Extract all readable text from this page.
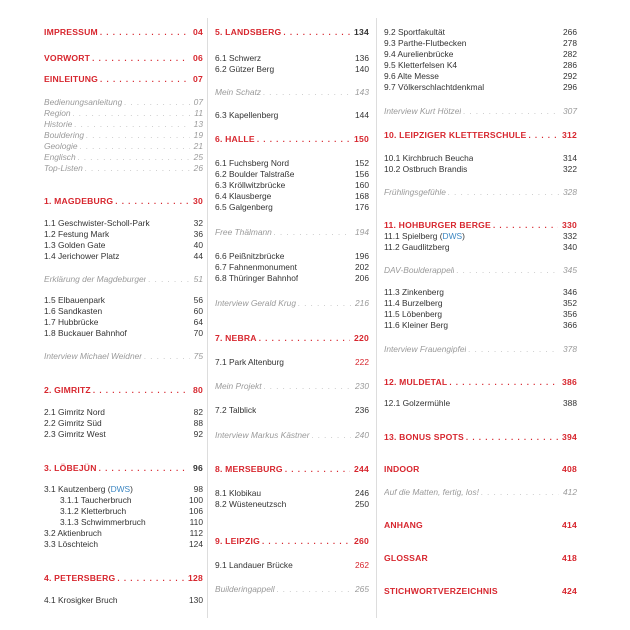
IMPRESSUM . . .	04
VORWORT . . .	06
EINLEITUNG . . .	07
Bedienungsanleitung . . .	07
Region . . .	11
Historie . . .	13
Bouldering . . .	19
Geologie . . .	21
Englisch . . .	25
Top-Listen . . .	26
1. MAGDEBURG . . .	30
1.1 Geschwister-Scholl-Park	32
1.2 Festung Mark	36
1.3 Golden Gate	40
1.4 Jerichower Platz	44
Erklärung der Magdeburger . . .	51
1.5 Elbauenpark	56
1.6 Sandkasten	60
1.7 Hubbrücke	64
1.8 Buckauer Bahnhof	70
Interview Michael Weidner . . .	75
2. GIMRITZ . . .	80
2.1 Gimritz Nord	82
2.2 Gimritz Süd	88
2.3 Gimritz West	92
3. LÖBEJÜN . . .	96
3.1 Kautzenberg (DWS)	98
3.1.1 Taucherbruch	100
3.1.2 Kletterbruch	106
3.1.3 Schwimmerbruch	110
3.2 Aktienbruch	112
3.3 Löschteich	124
4. PETERSBERG . . .	128
4.1 Krosigker Bruch	130
5. LANDSBERG . . .	134
6.1 Schwerz	136
6.2 Gützer Berg	140
Mein Schatz . . .	143
6.3 Kapellenberg	144
6. HALLE . . .	150
6.1 Fuchsberg Nord	152
6.2 Boulder Talstraße	156
6.3 Kröllwitzbrücke	160
6.4 Klausberge	168
6.5 Galgenberg	176
Free Thälmann . . .	194
6.6 Peißnitzbrücke	196
6.7 Fahnenmonument	202
6.8 Thüringer Bahnhof	206
Interview Gerald Krug . . .	216
7. NEBRA . . .	220
7.1 Park Altenburg	222
Mein Projekt . . .	230
7.2 Talblick	236
Interview Markus Kästner . . .	240
8. MERSEBURG . . .	244
8.1 Klobikau	246
8.2 Wüsteneutzsch	250
9. LEIPZIG . . .	260
9.1 Landauer Brücke	262
Builderingappell . . .	265
9.2 Sportfakultät	266
9.3 Parthe-Flutbecken	278
9.4 Aurelienbrücke	282
9.5 Kletterfelsen K4	286
9.6 Alte Messe	292
9.7 Völkerschlachtdenkmal	296
Interview Kurt Hötzel . . .	307
10. LEIPZIGER KLETTERSCHULE . . .	312
10.1 Kirchbruch Beucha	314
10.2 Ostbruch Brandis	322
Frühlingsgefühle . . .	328
11. HOHBURGER BERGE . . .	330
11.1 Spielberg (DWS)	332
11.2 Gaudlitzberg	340
DAV-Boulderappell . . .	345
11.3 Zinkenberg	346
11.4 Burzelberg	352
11.5 Löbenberg	356
11.6 Kleiner Berg	366
Interview Frauengipfel . . .	378
12. MULDETAL . . .	386
12.1 Golzermühle	388
13. BONUS SPOTS . . .	394
INDOOR	408
Auf die Matten, fertig, los! . . .	412
ANHANG	414
GLOSSAR	418
STICHWORTVERZEICHNIS	424
